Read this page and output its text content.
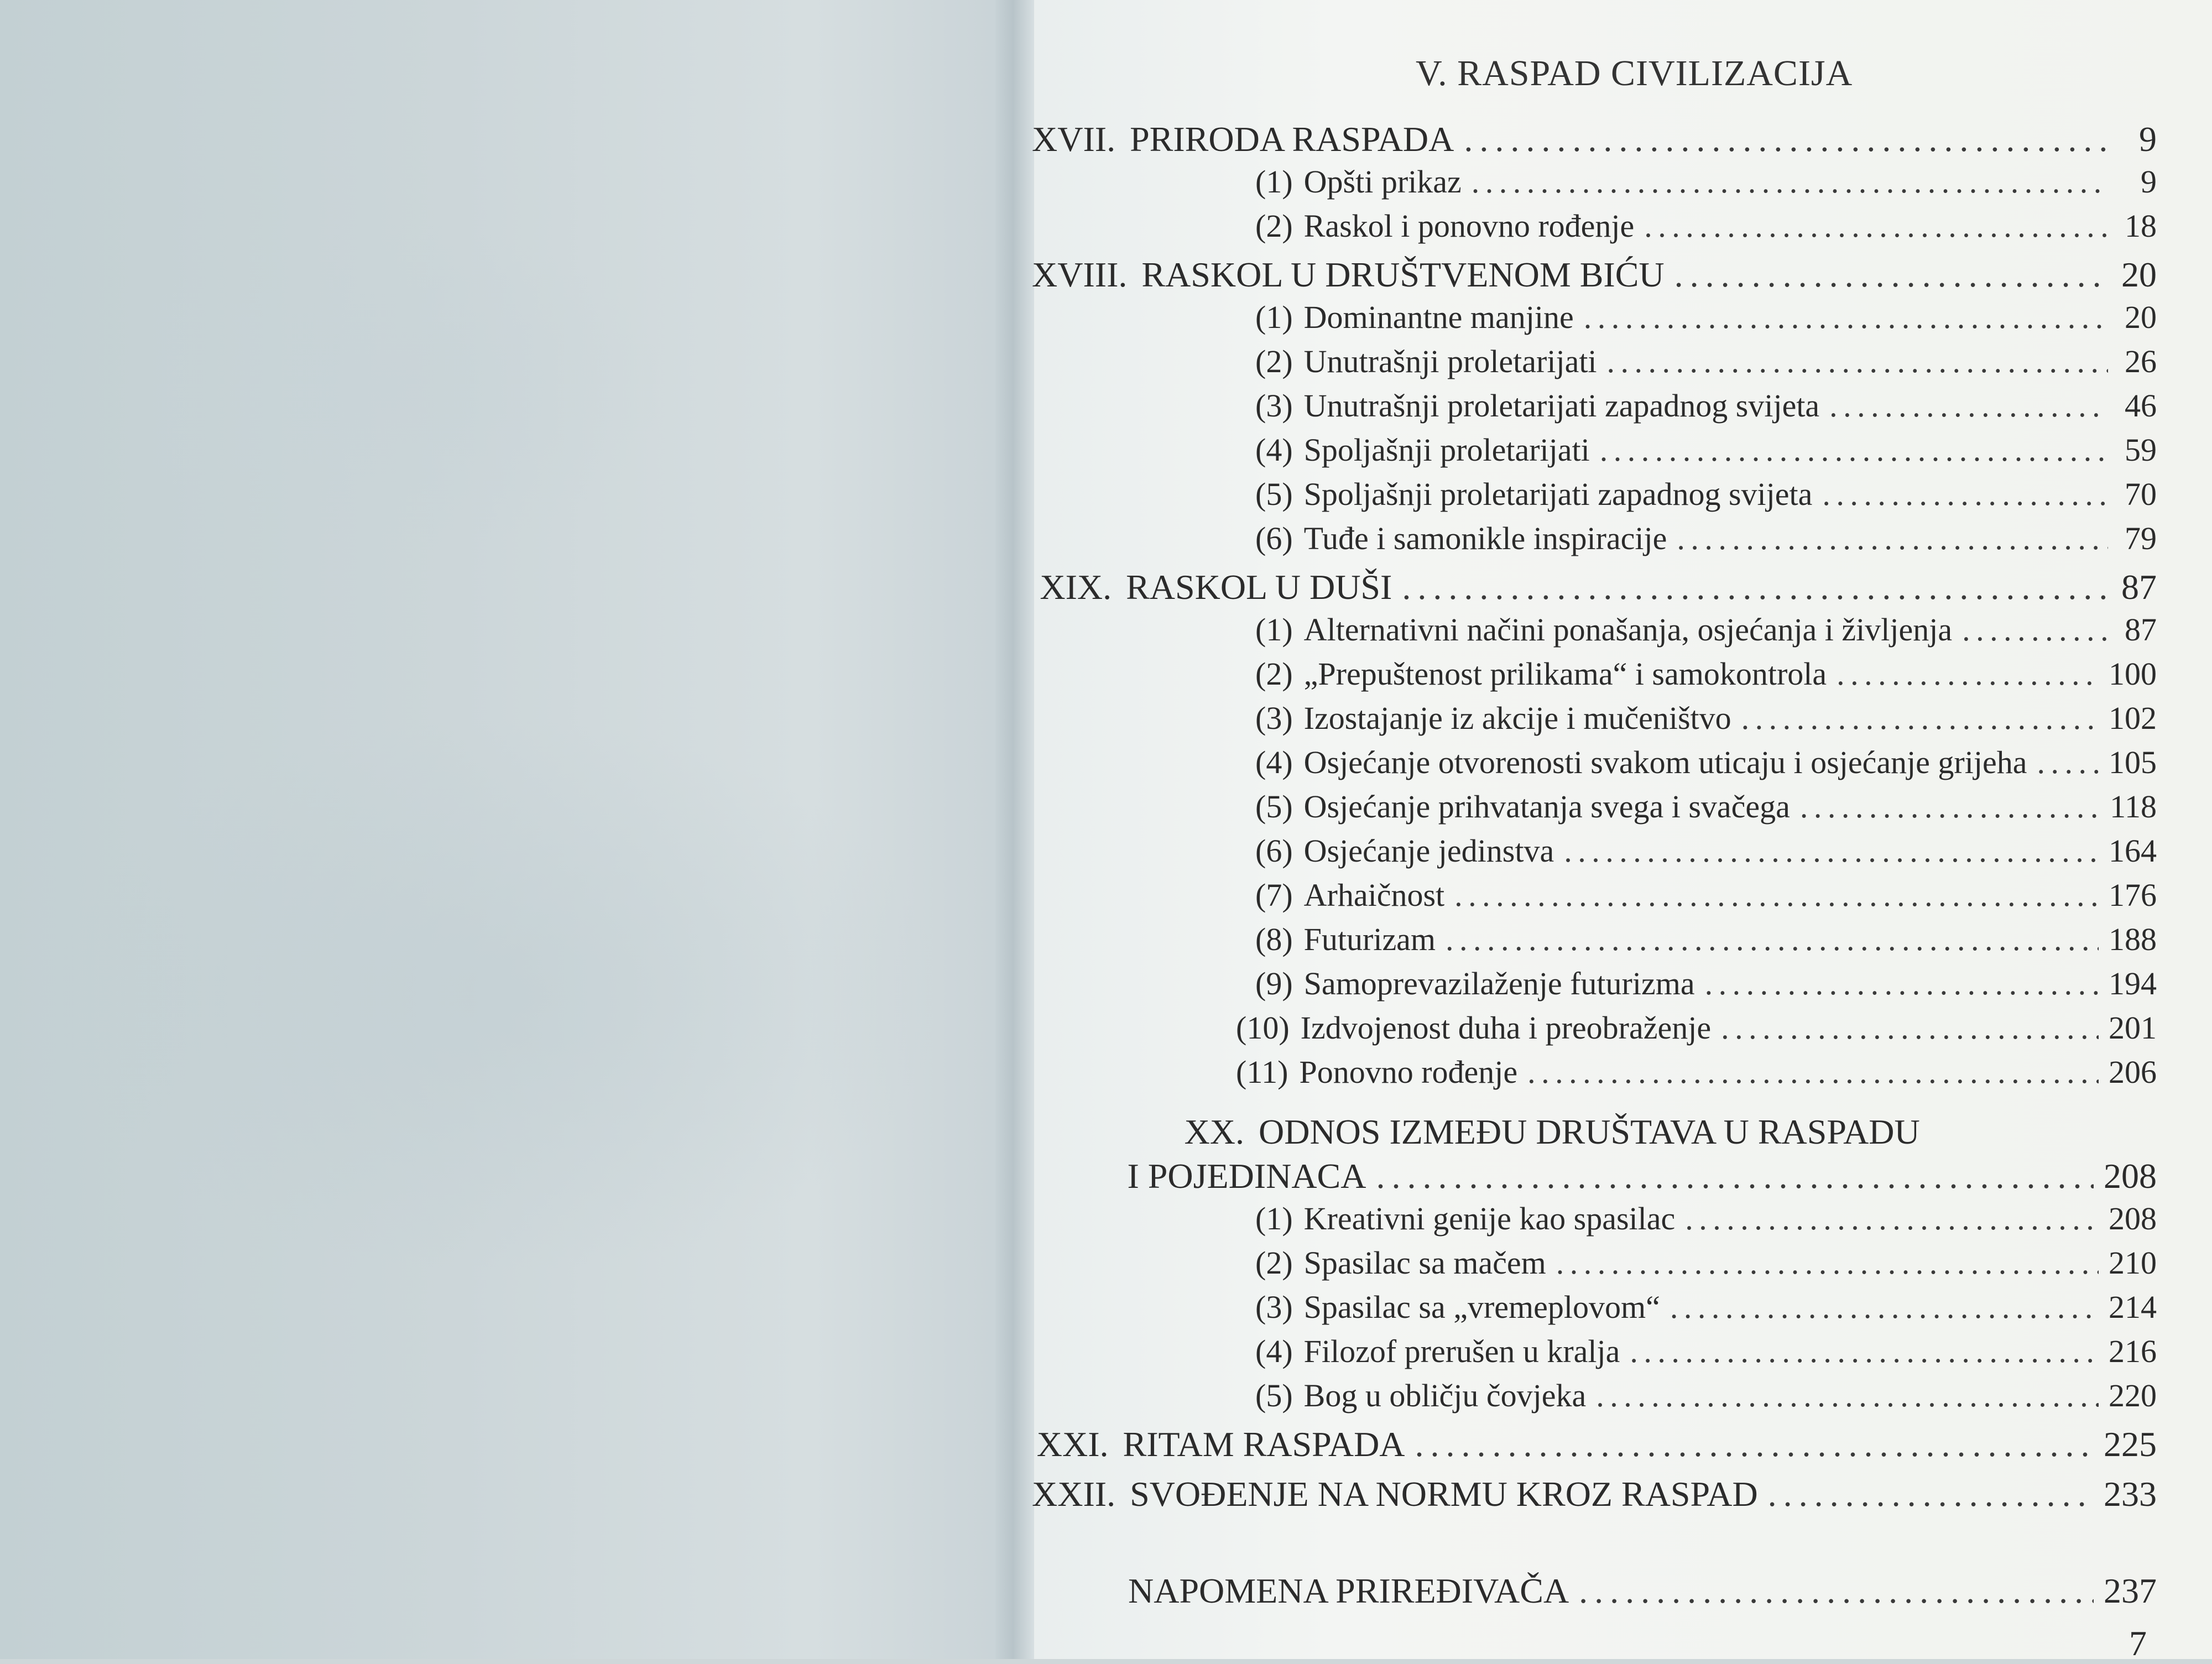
V. RASPAD CIVILIZACIJA
XVII. PRIRODA RASPADA . . .	9
(1) Opšti prikaz . . .	9
(2) Raskol i ponovno rođenje . . .	18
XVIII. RASKOL U DRUŠTVENOM BIĆU . . .	20
(1) Dominantne manjine . . .	20
(2) Unutrašnji proletarijati . . .	26
(3) Unutrašnji proletarijati zapadnog svijeta . . .	46
(4) Spoljašnji proletarijati . . .	59
(5) Spoljašnji proletarijati zapadnog svijeta . . .	70
(6) Tuđe i samonikle inspiracije . . .	79
XIX. RASKOL U DUŠI . . .	87
(1) Alternativni načini ponašanja, osjećanja i življenja . . .	87
(2) „Prepuštenost prilikama“ i samokontrola . . .	100
(3) Izostajanje iz akcije i mučeništvo . . .	102
(4) Osjećanje otvorenosti svakom uticaju i osjećanje grijeha . . .	105
(5) Osjećanje prihvatanja svega i svačega . . .	118
(6) Osjećanje jedinstva . . .	164
(7) Arhaičnost . . .	176
(8) Futurizam . . .	188
(9) Samoprevazilaženje futurizma . . .	194
(10) Izdvojenost duha i preobraženje . . .	201
(11) Ponovno rođenje . . .	206
XX. ODNOS IZMEĐU DRUŠTAVA U RASPADU
I POJEDINACA . . .	208
(1) Kreativni genije kao spasilac . . .	208
(2) Spasilac sa mačem . . .	210
(3) Spasilac sa „vremeplovom“ . . .	214
(4) Filozof prerušen u kralja . . .	216
(5) Bog u obličju čovjeka . . .	220
XXI. RITAM RASPADA . . .	225
XXII. SVOĐENJE NA NORMU KROZ RASPAD . . .	233
NAPOMENA PRIREĐIVAČA . . .	237
7
